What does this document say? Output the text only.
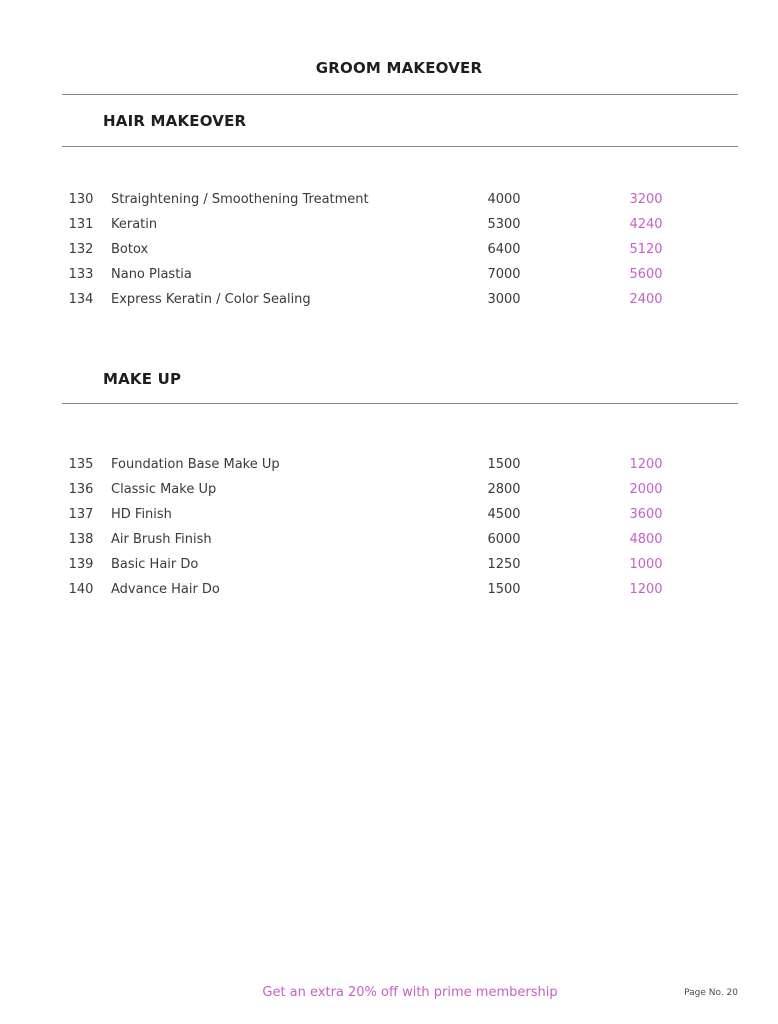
GROOM MAKEOVER
HAIR MAKEOVER
130	Straightening / Smoothening Treatment	4000	3200
131	Keratin	5300	4240
132	Botox	6400	5120
133	Nano Plastia	7000	5600
134	Express Keratin / Color Sealing	3000	2400
MAKE UP
135	Foundation Base Make Up	1500	1200
136	Classic Make Up	2800	2000
137	HD Finish	4500	3600
138	Air Brush Finish	6000	4800
139	Basic Hair Do	1250	1000
140	Advance Hair Do	1500	1200
Get an extra 20% off with prime membership	Page No. 20
